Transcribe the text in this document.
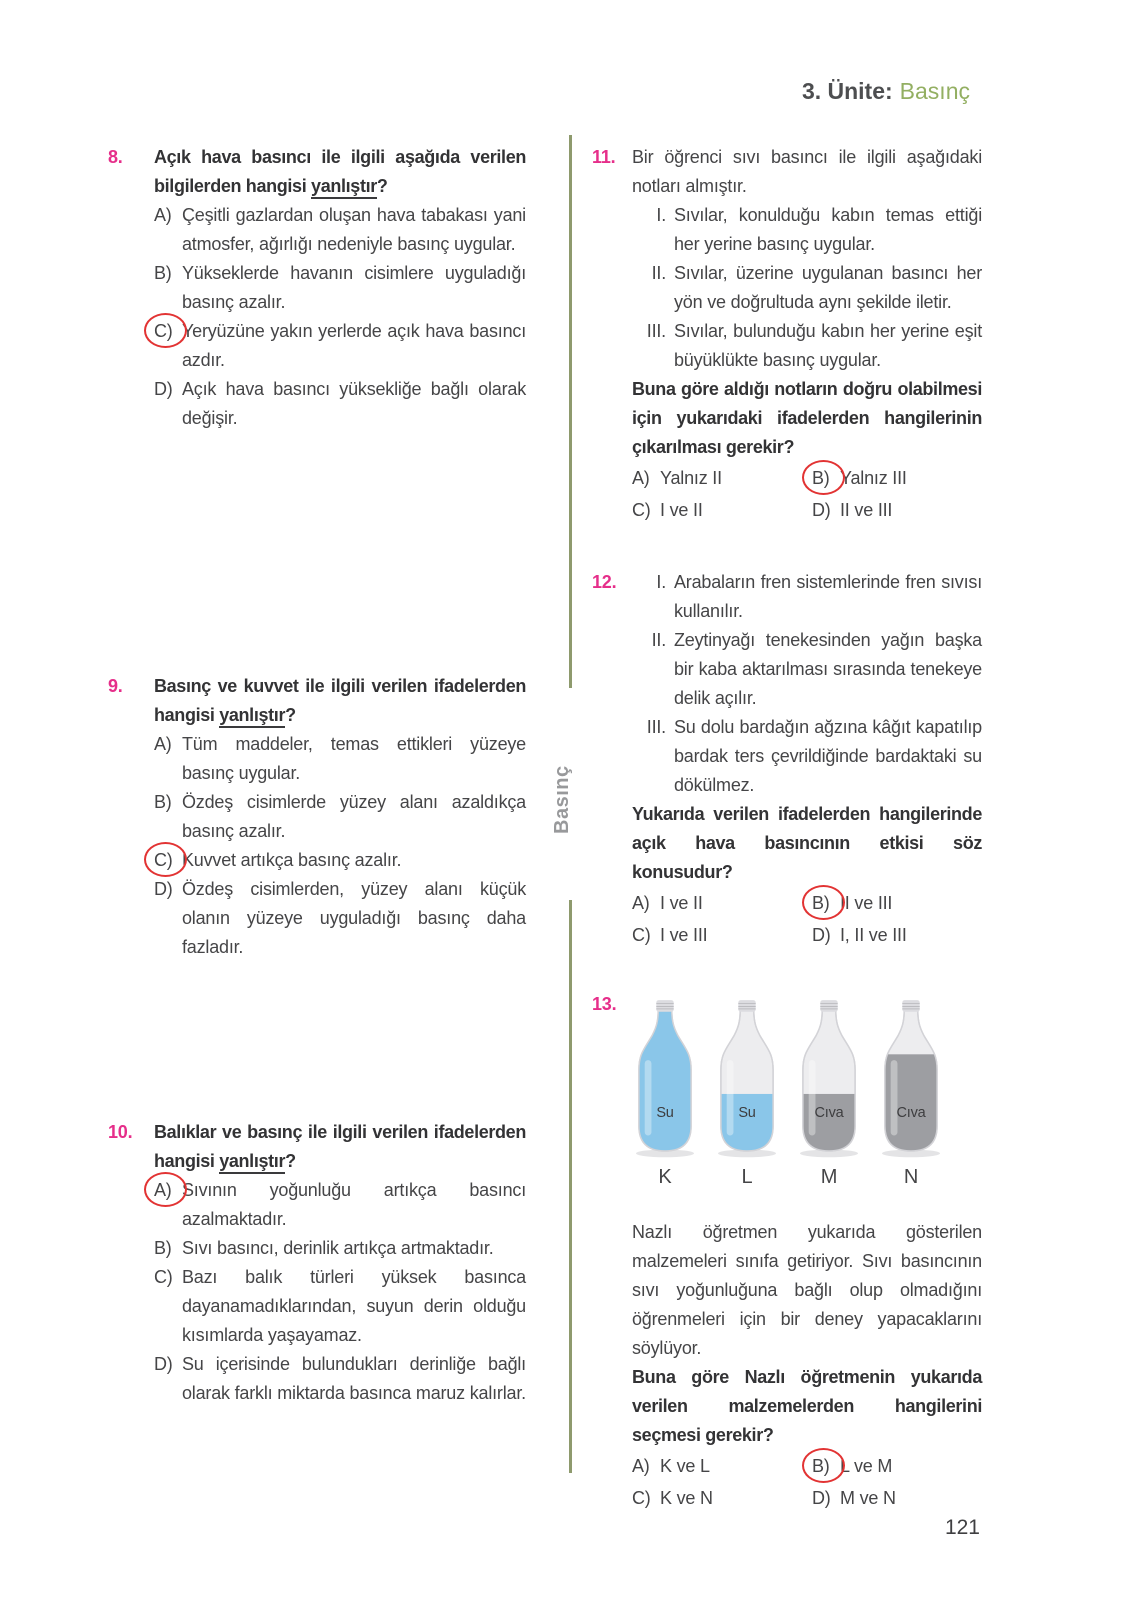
3. Ünite: Basınç
Basınç
8. Açık hava basıncı ile ilgili aşağıda verilen bilgilerden hangisi yanlıştır?

A) Çeşitli gazlardan oluşan hava tabakası yani atmosfer, ağırlığı nedeniyle basınç uygular.
B) Yükseklerde havanın cisimlere uyguladığı basınç azalır.
C) Yeryüzüne yakın yerlerde açık hava basıncı azdır.
D) Açık hava basıncı yüksekliğe bağlı olarak değişir.
9. Basınç ve kuvvet ile ilgili verilen ifadelerden hangisi yanlıştır?

A) Tüm maddeler, temas ettikleri yüzeye basınç uygular.
B) Özdeş cisimlerde yüzey alanı azaldıkça basınç azalır.
C) Kuvvet artıkça basınç azalır.
D) Özdeş cisimlerden, yüzey alanı küçük olanın yüzeye uyguladığı basınç daha fazladır.
10. Balıklar ve basınç ile ilgili verilen ifadelerden hangisi yanlıştır?

A) Sıvının yoğunluğu artıkça basıncı azalmaktadır.
B) Sıvı basıncı, derinlik artıkça artmaktadır.
C) Bazı balık türleri yüksek basınca dayanamadıklarından, suyun derin olduğu kısımlarda yaşayamaz.
D) Su içerisinde bulundukları derinliğe bağlı olarak farklı miktarda basınca maruz kalırlar.
11. Bir öğrenci sıvı basıncı ile ilgili aşağıdaki notları almıştır.

I. Sıvılar, konulduğu kabın temas ettiği her yerine basınç uygular.
II. Sıvılar, üzerine uygulanan basıncı her yön ve doğrultuda aynı şekilde iletir.
III. Sıvılar, bulunduğu kabın her yerine eşit büyüklükte basınç uygular.

Buna göre aldığı notların doğru olabilmesi için yukarıdaki ifadelerden hangilerinin çıkarılması gerekir?

A) Yalnız II	B) Yalnız III
C) I ve II	D) II ve III
12.	I. Arabaların fren sistemlerinde fren sıvısı kullanılır.
II. Zeytinyağı tenekesinden yağın başka bir kaba aktarılması sırasında tenekeye delik açılır.
III. Su dolu bardağın ağzına kâğıt kapatılıp bardak ters çevrildiğinde bardaktaki su dökülmez.

Yukarıda verilen ifadelerden hangilerinde açık hava basıncının etkisi söz konusudur?

A) I ve II	B) II ve III
C) I ve III	D) I, II ve III
13.
Su
K
Su
L
Cıva
M
Cıva
N

Nazlı öğretmen yukarıda gösterilen malzemeleri sınıfa getiriyor. Sıvı basıncının sıvı yoğunluğuna bağlı olup olmadığını öğrenmeleri için bir deney yapacaklarını söylüyor.

Buna göre Nazlı öğretmenin yukarıda verilen malzemelerden hangilerini seçmesi gerekir?

A) K ve L	B) L ve M
C) K ve N	D) M ve N
121
